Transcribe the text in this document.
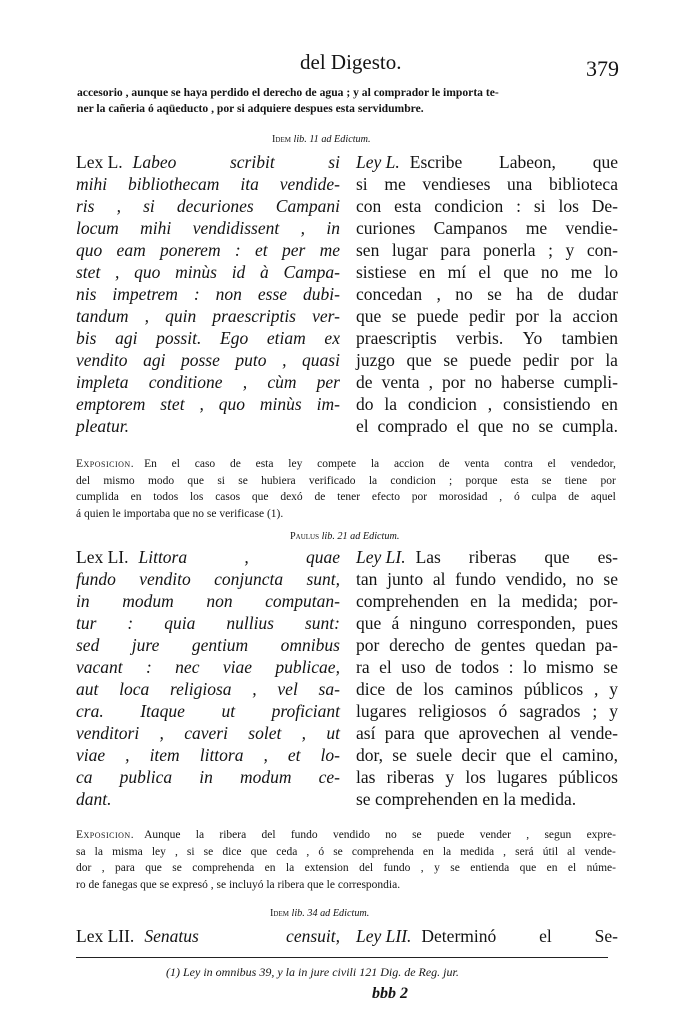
del Digesto.	379
accesorio , aunque se haya perdido el derecho de agua ; y al comprador le importa te-
ner la cañeria ó aqüeducto , por si adquiere despues esta servidumbre.
Idem lib. 11 ad Edictum.
Lex L. Labeo	scribit	si
mihi bibliothecam ita vendide-
ris , si decuriones Campani
locum mihi vendidissent , in
quo eam ponerem : et per me
stet , quo minùs id à Campa-
nis impetrem : non esse dubi-
tandum , quin praescriptis ver-
bis agi possit. Ego etiam ex
vendito agi posse puto , quasi
impleta conditione , cùm per
emptorem stet , quo minùs im-
pleatur.
Ley L. Escribe Labeon, que
si me vendieses una biblioteca
con esta condicion : si los De-
curiones Campanos me vendie-
sen lugar para ponerla ; y con-
sistiese en mí el que no me lo
concedan , no se ha de dudar
que se puede pedir por la accion
praescriptis verbis. Yo tambien
juzgo que se puede pedir por la
de venta , por no haberse cumpli-
do la condicion , consistiendo en
el comprado el que no se cumpla.
Exposicion. En el caso de esta ley compete la accion de venta contra el vendedor,
del mismo modo que si se hubiera verificado la condicion ; porque esta se tiene por
cumplida en todos los casos que dexó de tener efecto por morosidad , ó culpa de aquel
á quien le importaba que no se verificase (1).
Paulus lib. 21 ad Edictum.
Lex LI. Littora	,	quae
fundo vendito conjuncta sunt,
in modum non computan-
tur : quia nullius sunt:
sed jure gentium omnibus
vacant : nec viae publicae,
aut loca religiosa , vel sa-
cra. Itaque ut proficiant
venditori , caveri solet , ut
viae , item littora , et lo-
ca publica in modum ce-
dant.
Ley LI. Las riberas que es-
tan junto al fundo vendido, no se
comprehenden en la medida; por-
que á ninguno corresponden, pues
por derecho de gentes quedan pa-
ra el uso de todos : lo mismo se
dice de los caminos públicos , y
lugares religiosos ó sagrados ; y
así para que aprovechen al vende-
dor, se suele decir que el camino,
las riberas y los lugares públicos
se comprehenden en la medida.
Exposicion. Aunque la ribera del fundo vendido no se puede vender , segun expre-
sa la misma ley , si se dice que ceda , ó se comprehenda en la medida , será útil al vende-
dor , para que se comprehenda en la extension del fundo , y se entienda que en el núme-
ro de fanegas que se expresó , se incluyó la ribera que le correspondia.
Idem lib. 34 ad Edictum.
Lex LII. Senatus	censuit, Ley LII. Determinó el Se-
(1) Ley in omnibus 39, y la in jure civili 121 Dig. de Reg. jur.
bbb 2
